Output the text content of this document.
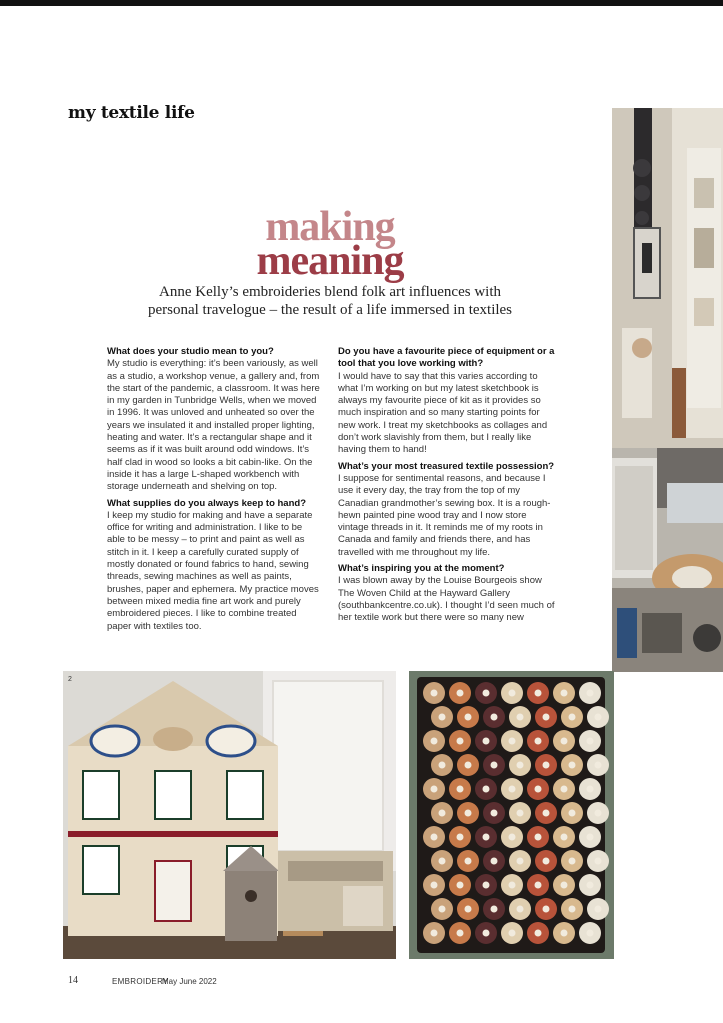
my textile life
making
meaning

Anne Kelly’s embroideries blend folk art influences with personal travelogue – the result of a life immersed in textiles

What does your studio mean to you?

My studio is everything: it’s been variously, as well as a studio, a workshop venue, a gallery and, from the start of the pandemic, a classroom. It was here in my garden in Tunbridge Wells, when we moved in 1996. It was unloved and unheated so over the years we insulated it and installed proper lighting, heating and water. It’s a rectangular shape and it seems as if it was built around odd windows. It’s half clad in wood so looks a bit cabin-like. On the inside it has a large L-shaped workbench with storage underneath and shelving on top.

What supplies do you always keep to hand?

I keep my studio for making and have a separate office for writing and administration. I like to be able to be messy – to print and paint as well as stitch in it. I keep a carefully curated supply of mostly donated or found fabrics to hand, sewing threads, sewing machines as well as paints, brushes, paper and ephemera. My practice moves between mixed media fine art work and purely embroidered pieces. I like to combine treated paper with textiles too.

Do you have a favourite piece of equipment or a tool that you love working with?

I would have to say that this varies according to what I’m working on but my latest sketchbook is always my favourite piece of kit as it provides so much inspiration and so many starting points for new work. I treat my sketchbooks as collages and don’t work slavishly from them, but I really like having them to hand!

What’s your most treasured textile possession?

I suppose for sentimental reasons, and because I use it every day, the tray from the top of my Canadian grandmother’s sewing box. It is a rough-hewn painted pine wood tray and I now store vintage threads in it. It reminds me of my roots in Canada and family and friends there, and has travelled with me throughout my life.

What’s inspiring you at the moment?

I was blown away by the Louise Bourgeois show The Woven Child at the Hayward Gallery (southbankcentre.co.uk). I thought I’d seen much of her textile work but there were so many new

2
14	EMBROIDERY
May June 2022
